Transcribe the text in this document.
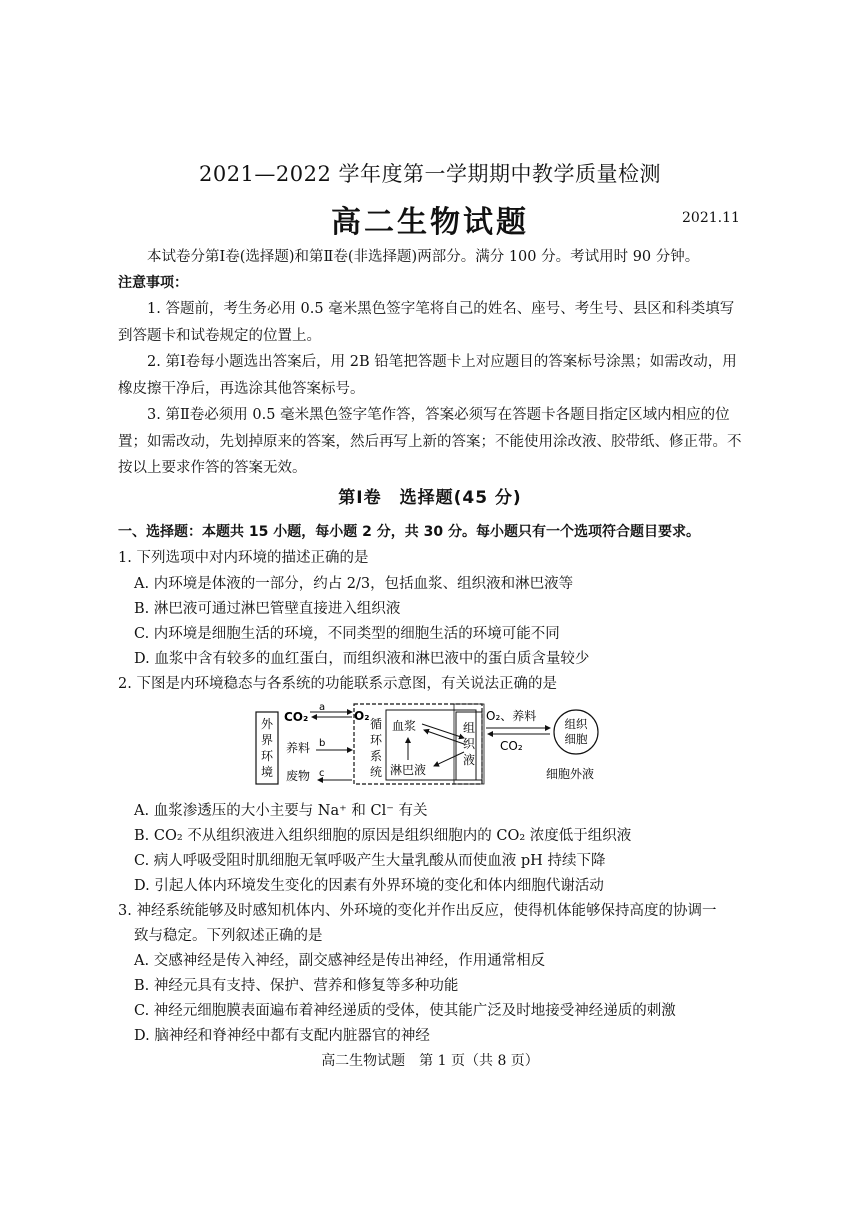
2021—2022 学年度第一学期期中教学质量检测
高二生物试题	2021.11
本试卷分第Ⅰ卷(选择题)和第Ⅱ卷(非选择题)两部分。满分 100 分。考试用时 90 分钟。
注意事项：
1. 答题前，考生务必用 0.5 毫米黑色签字笔将自己的姓名、座号、考生号、县区和科类填写到答题卡和试卷规定的位置上。
2. 第Ⅰ卷每小题选出答案后，用 2B 铅笔把答题卡上对应题目的答案标号涂黑；如需改动，用橡皮擦干净后，再选涂其他答案标号。
3. 第Ⅱ卷必须用 0.5 毫米黑色签字笔作答，答案必须写在答题卡各题目指定区域内相应的位置；如需改动，先划掉原来的答案，然后再写上新的答案；不能使用涂改液、胶带纸、修正带。不按以上要求作答的答案无效。
第Ⅰ卷　选择题(45 分)
一、选择题：本题共 15 小题，每小题 2 分，共 30 分。每小题只有一个选项符合题目要求。
1. 下列选项中对内环境的描述正确的是
A. 内环境是体液的一部分，约占 2/3，包括血浆、组织液和淋巴液等
B. 淋巴液可通过淋巴管壁直接进入组织液
C. 内环境是细胞生活的环境，不同类型的细胞生活的环境可能不同
D. 血浆中含有较多的血红蛋白，而组织液和淋巴液中的蛋白质含量较少
2. 下图是内环境稳态与各系统的功能联系示意图，有关说法正确的是
外
界
环
境
CO₂
养料
废物
a
b
c
O₂
循
环
系
统
血浆
淋巴液
组
织
液
O₂、养料
CO₂
组织
细胞
细胞外液
A. 血浆渗透压的大小主要与 Na⁺ 和 Cl⁻ 有关
B. CO₂ 不从组织液进入组织细胞的原因是组织细胞内的 CO₂ 浓度低于组织液
C. 病人呼吸受阻时肌细胞无氧呼吸产生大量乳酸从而使血液 pH 持续下降
D. 引起人体内环境发生变化的因素有外界环境的变化和体内细胞代谢活动
3. 神经系统能够及时感知机体内、外环境的变化并作出反应，使得机体能够保持高度的协调一
致与稳定。下列叙述正确的是
A. 交感神经是传入神经，副交感神经是传出神经，作用通常相反
B. 神经元具有支持、保护、营养和修复等多种功能
C. 神经元细胞膜表面遍布着神经递质的受体，使其能广泛及时地接受神经递质的刺激
D. 脑神经和脊神经中都有支配内脏器官的神经
高二生物试题　第 1 页（共 8 页）
